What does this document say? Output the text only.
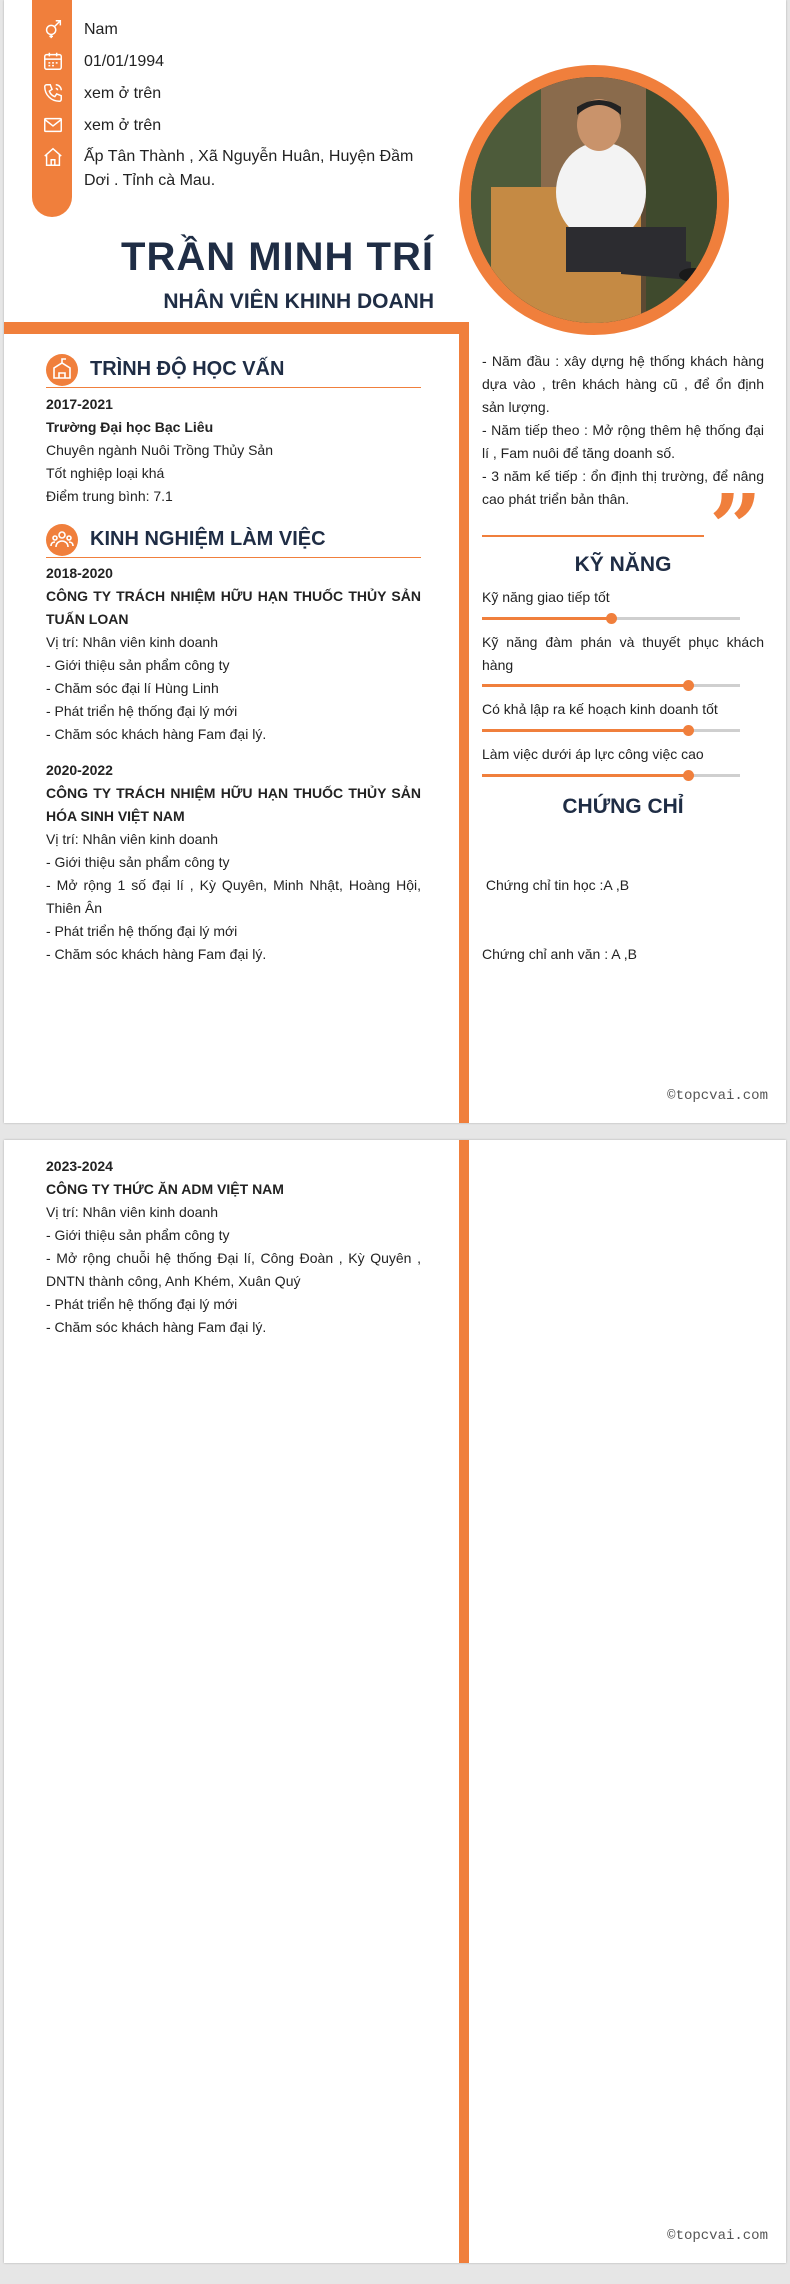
Nam
01/01/1994
xem ở trên
xem ở trên
Ấp Tân Thành , Xã Nguyễn Huân, Huyện Đầm Dơi . Tỉnh cà Mau.
TRẦN MINH TRÍ
NHÂN VIÊN KHINH DOANH
TRÌNH ĐỘ HỌC VẤN
2017-2021
Trường Đại học Bạc Liêu
Chuyên ngành Nuôi Trồng Thủy Sản
Tốt nghiệp loại khá
Điểm trung bình: 7.1
KINH NGHIỆM LÀM VIỆC
2018-2020
CÔNG TY TRÁCH NHIỆM HỮU HẠN THUỐC THỦY SẢN TUẤN LOAN
Vị trí: Nhân viên kinh doanh
- Giới thiệu sản phẩm công ty
- Chăm sóc đại lí Hùng Linh
- Phát triển hệ thống đại lý mới
- Chăm sóc khách hàng Fam đại lý.
2020-2022
CÔNG TY TRÁCH NHIỆM HỮU HẠN THUỐC THỦY SẢN HÓA SINH VIỆT NAM
Vị trí: Nhân viên kinh doanh
- Giới thiệu sản phẩm công ty
- Mở rộng 1 số đại lí , Kỳ Quyên, Minh Nhật, Hoàng Hội, Thiên Ân
- Phát triển hệ thống đại lý mới
- Chăm sóc khách hàng Fam đại lý.
- Năm đầu : xây dựng hệ thống khách hàng dựa vào , trên khách hàng cũ , để ổn định sản lượng.
- Năm tiếp theo : Mở rộng thêm hệ thống đại lí , Fam nuôi để tăng doanh số.
- 3 năm kế tiếp : ổn định thị trường, để nâng cao phát triển bản thân. ”
KỸ NĂNG
Kỹ năng giao tiếp tốt
Kỹ năng đàm phán và thuyết phục khách hàng
Có khả lập ra kế hoạch kinh doanh tốt
Làm việc dưới áp lực công việc cao
CHỨNG CHỈ

Chứng chỉ tin học :A ,B

Chứng chỉ anh văn : A ,B

©topcvai.com
2023-2024
CÔNG TY THỨC ĂN ADM VIỆT NAM
Vị trí: Nhân viên kinh doanh
- Giới thiệu sản phẩm công ty
- Mở rộng chuỗi hệ thống Đại lí, Công Đoàn , Kỳ Quyên , DNTN thành công, Anh Khém, Xuân Quý
- Phát triển hệ thống đại lý mới
- Chăm sóc khách hàng Fam đại lý.
©topcvai.com
